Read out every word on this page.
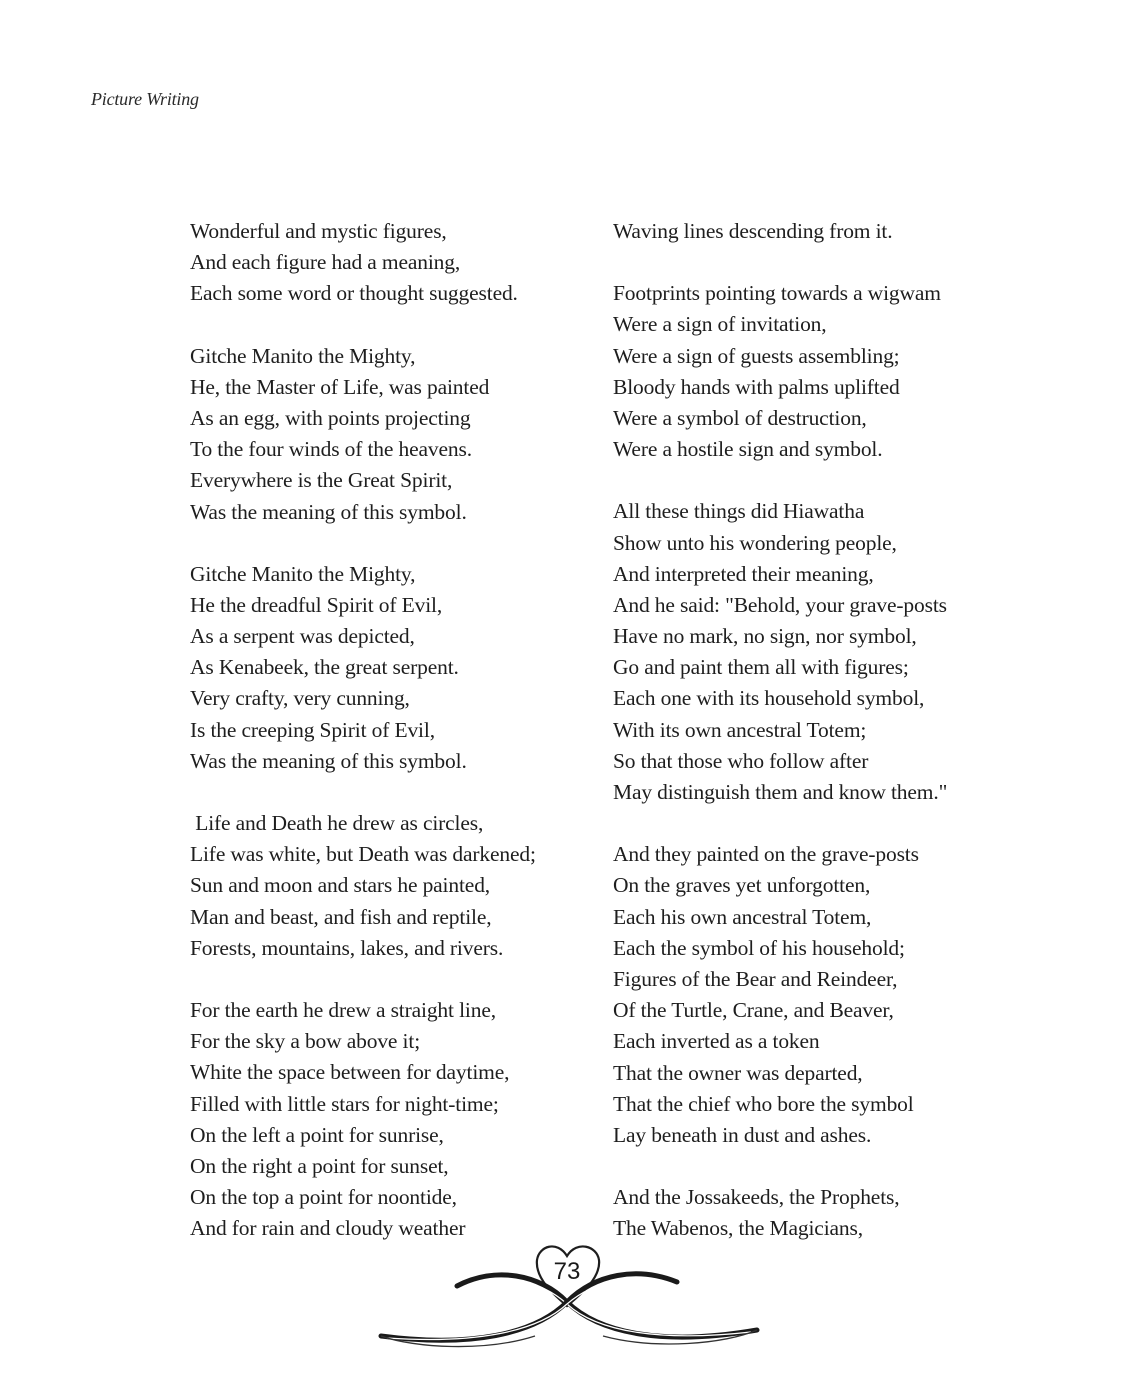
Picture Writing
Wonderful and mystic figures,
And each figure had a meaning,
Each some word or thought suggested.
Gitche Manito the Mighty,
He, the Master of Life, was painted
As an egg, with points projecting
To the four winds of the heavens.
Everywhere is the Great Spirit,
Was the meaning of this symbol.
Gitche Manito the Mighty,
He the dreadful Spirit of Evil,
As a serpent was depicted,
As Kenabeek, the great serpent.
Very crafty, very cunning,
Is the creeping Spirit of Evil,
Was the meaning of this symbol.
Life and Death he drew as circles,
Life was white, but Death was darkened;
Sun and moon and stars he painted,
Man and beast, and fish and reptile,
Forests, mountains, lakes, and rivers.
For the earth he drew a straight line,
For the sky a bow above it;
White the space between for daytime,
Filled with little stars for night-time;
On the left a point for sunrise,
On the right a point for sunset,
On the top a point for noontide,
And for rain and cloudy weather
Waving lines descending from it.
Footprints pointing towards a wigwam
Were a sign of invitation,
Were a sign of guests assembling;
Bloody hands with palms uplifted
Were a symbol of destruction,
Were a hostile sign and symbol.
All these things did Hiawatha
Show unto his wondering people,
And interpreted their meaning,
And he said: "Behold, your grave-posts
Have no mark, no sign, nor symbol,
Go and paint them all with figures;
Each one with its household symbol,
With its own ancestral Totem;
So that those who follow after
May distinguish them and know them."
And they painted on the grave-posts
On the graves yet unforgotten,
Each his own ancestral Totem,
Each the symbol of his household;
Figures of the Bear and Reindeer,
Of the Turtle, Crane, and Beaver,
Each inverted as a token
That the owner was departed,
That the chief who bore the symbol
Lay beneath in dust and ashes.
And the Jossakeeds, the Prophets,
The Wabenos, the Magicians,
73
